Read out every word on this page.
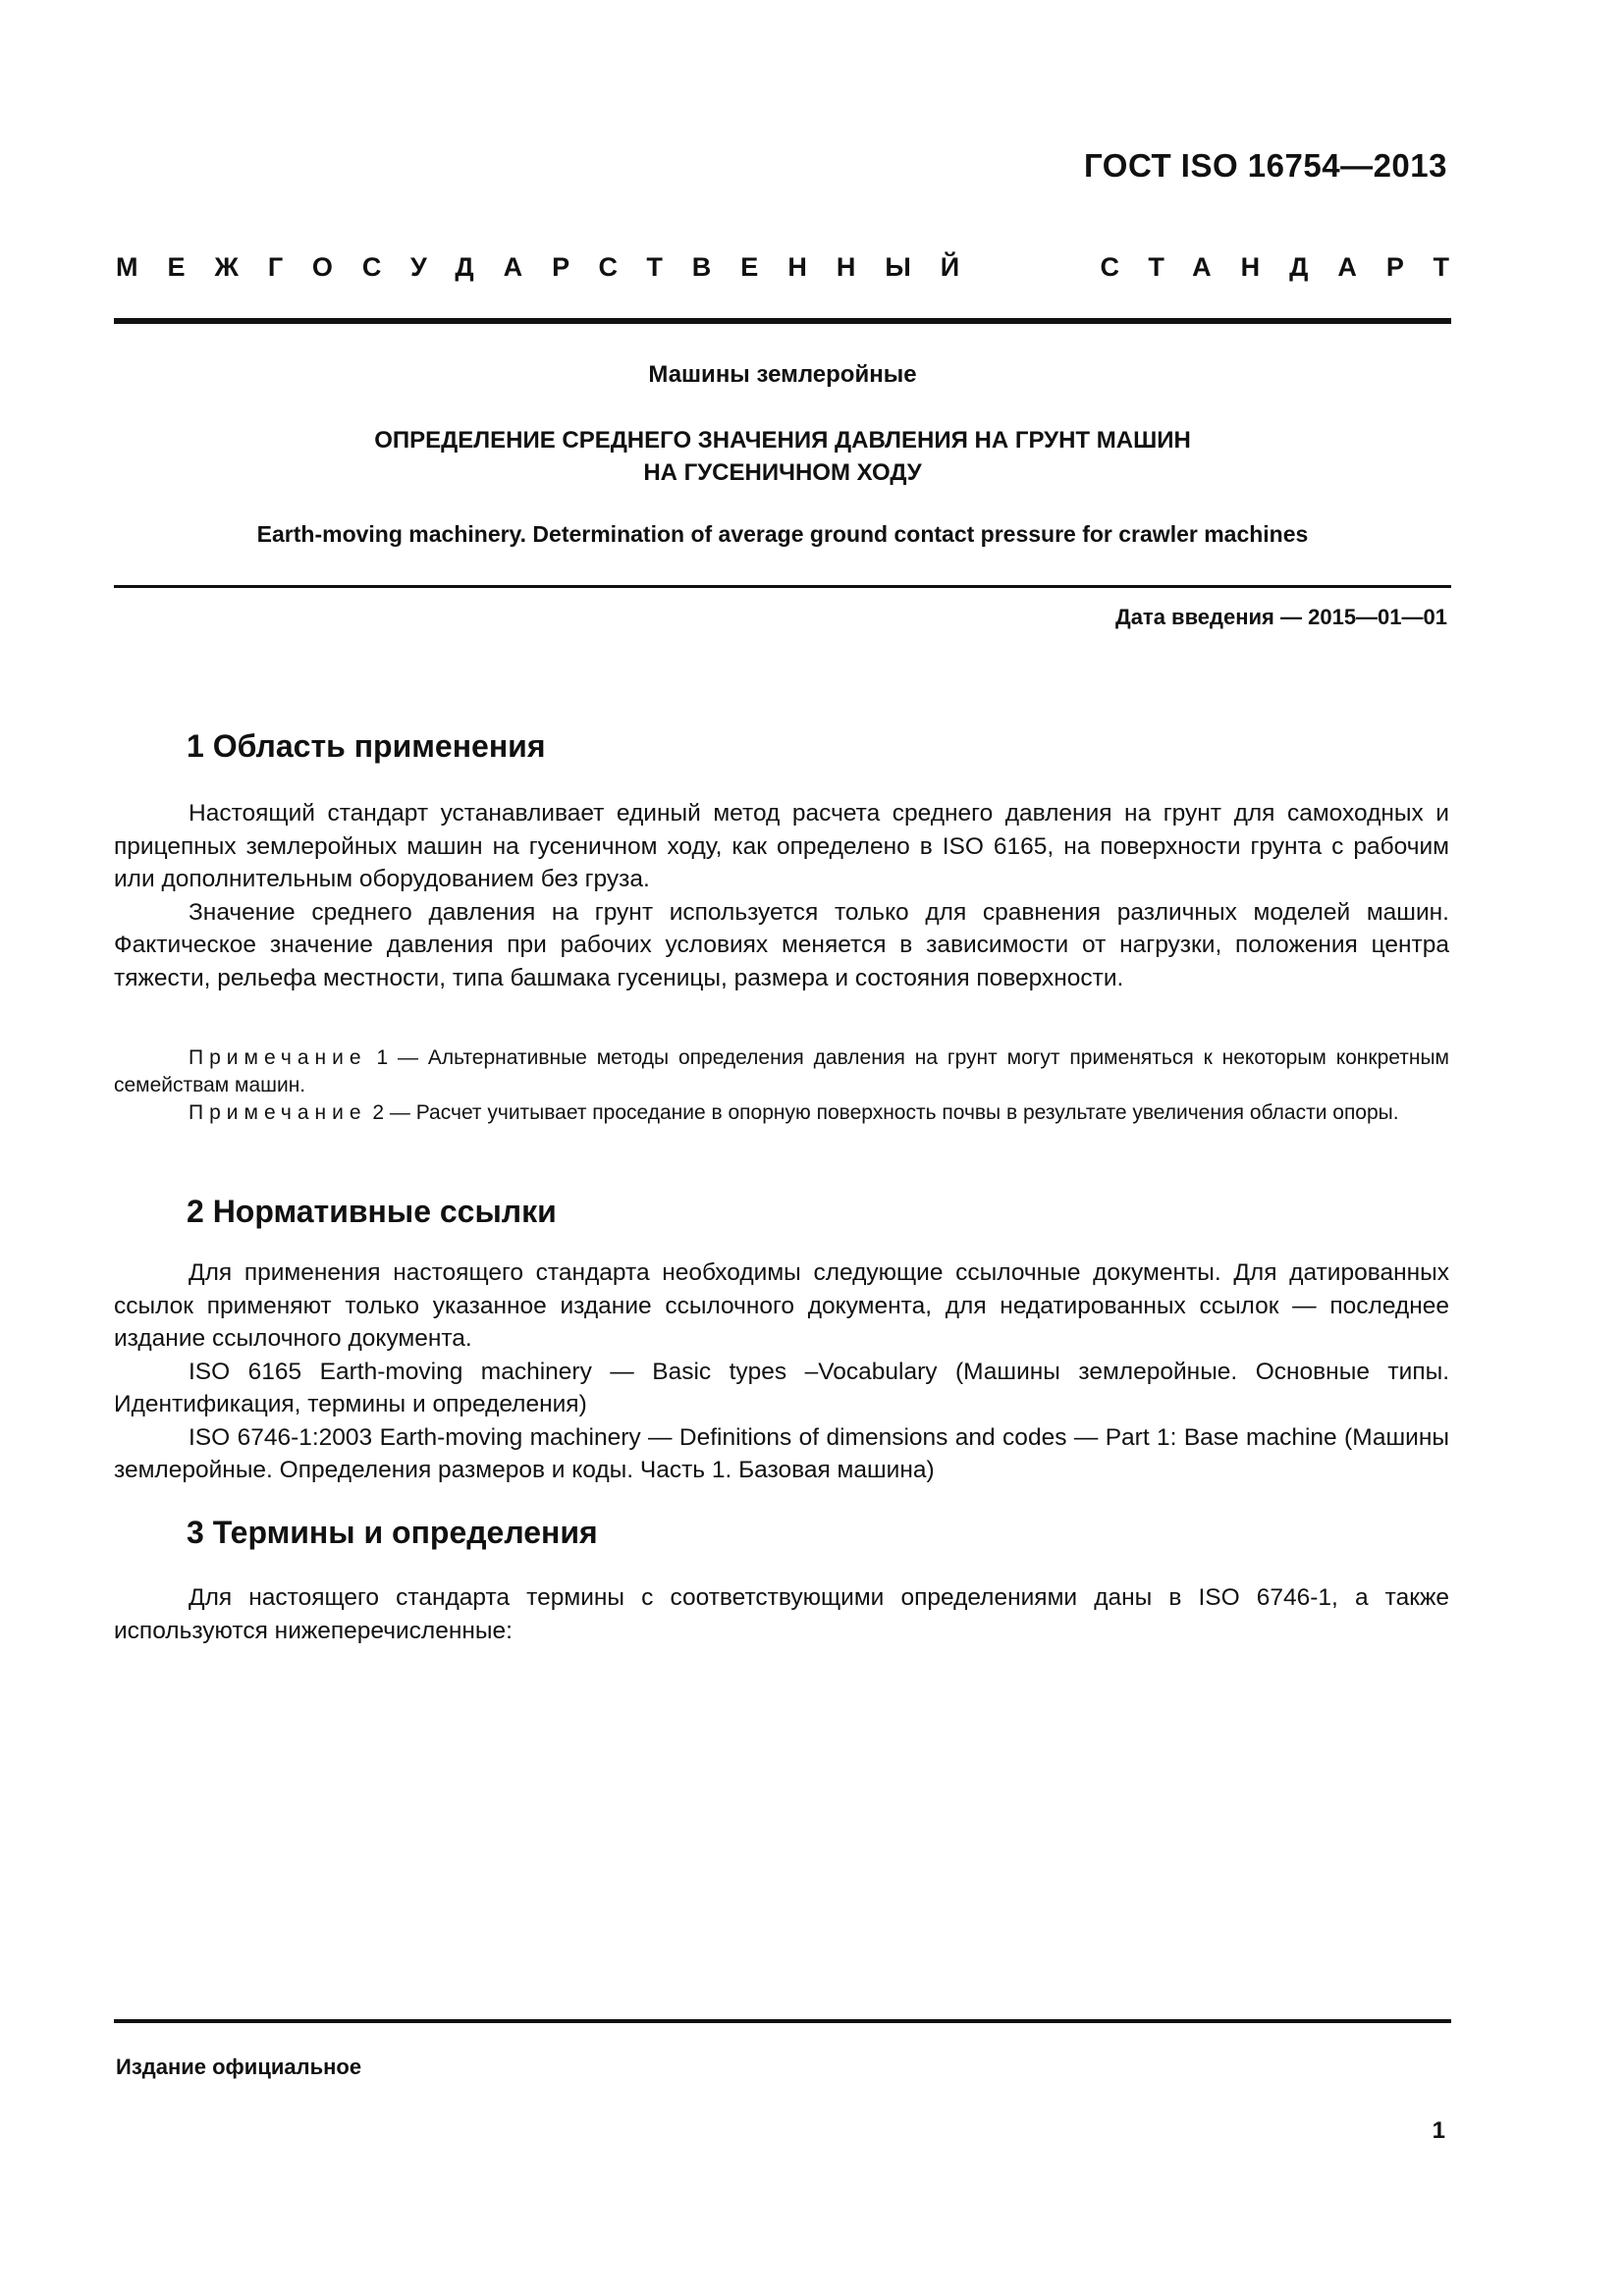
ГОСТ ISO 16754—2013
МЕЖГОСУДАРСТВЕННЫЙ	СТАНДАРТ
Машины землеройные
ОПРЕДЕЛЕНИЕ СРЕДНЕГО ЗНАЧЕНИЯ ДАВЛЕНИЯ НА ГРУНТ МАШИН
НА ГУСЕНИЧНОМ ХОДУ
Earth-moving machinery. Determination of average ground contact pressure for crawler machines
Дата введения — 2015—01—01
1 Область применения

Настоящий стандарт устанавливает единый метод расчета среднего давления на грунт для самоходных и прицепных землеройных машин на гусеничном ходу, как определено в ISO 6165, на поверхности грунта с рабочим или дополнительным оборудованием без груза.

Значение среднего давления на грунт используется только для сравнения различных моделей машин. Фактическое значение давления при рабочих условиях меняется в зависимости от нагрузки, положения центра тяжести, рельефа местности, типа башмака гусеницы, размера и состояния поверхности.

Примечание 1 — Альтернативные методы определения давления на грунт могут применяться к некоторым конкретным семействам машин.

Примечание 2 — Расчет учитывает проседание в опорную поверхность почвы в результате увеличения области опоры.

2 Нормативные ссылки

Для применения настоящего стандарта необходимы следующие ссылочные документы. Для датированных ссылок применяют только указанное издание ссылочного документа, для недатированных ссылок — последнее издание ссылочного документа.

ISO 6165 Earth-moving machinery — Basic types –Vocabulary (Машины землеройные. Основные типы. Идентификация, термины и определения)

ISO 6746-1:2003 Earth-moving machinery — Definitions of dimensions and codes — Part 1: Base machine (Машины землеройные. Определения размеров и коды. Часть 1. Базовая машина)

3 Термины и определения

Для настоящего стандарта термины с соответствующими определениями даны в ISO 6746-1, а также используются нижеперечисленные:

Издание официальное
1
